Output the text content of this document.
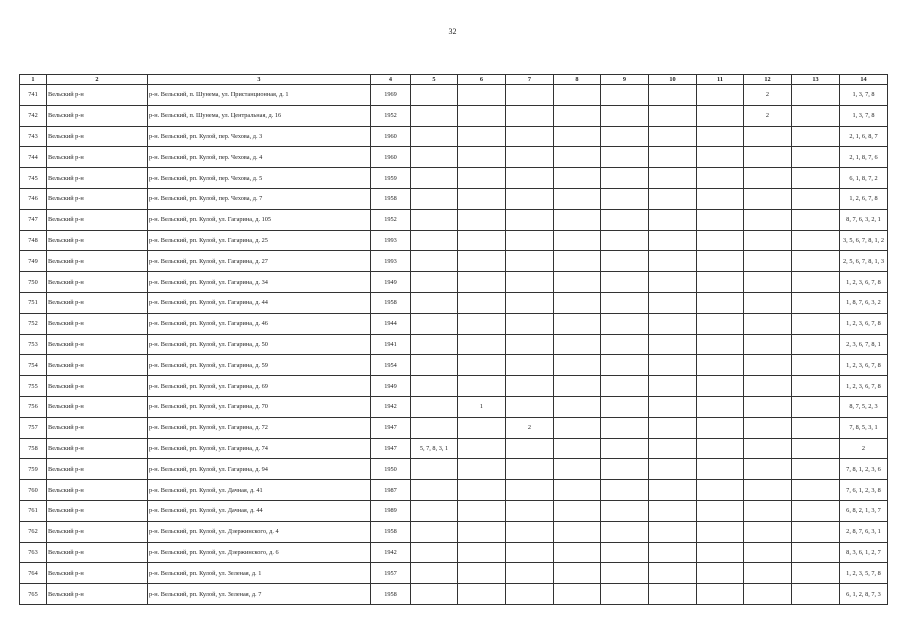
32
1	2	3	4	5	6	7	8	9	10	11	12	13	14
741	Вельский р-н	р-н. Вельский, п. Шунема, ул. Пристанционная, д. 1	1969								2		1, 3, 7, 8
742	Вельский р-н	р-н. Вельский, п. Шунема, ул. Центральная, д. 16	1952								2		1, 3, 7, 8
743	Вельский р-н	р-н. Вельский, рп. Кулой, пер. Чехова, д. 3	1960										2, 1, 6, 8, 7
744	Вельский р-н	р-н. Вельский, рп. Кулой, пер. Чехова, д. 4	1960										2, 1, 8, 7, 6
745	Вельский р-н	р-н. Вельский, рп. Кулой, пер. Чехова, д. 5	1959										6, 1, 8, 7, 2
746	Вельский р-н	р-н. Вельский, рп. Кулой, пер. Чехова, д. 7	1958										1, 2, 6, 7, 8
747	Вельский р-н	р-н. Вельский, рп. Кулой, ул. Гагарина, д. 105	1952										8, 7, 6, 3, 2, 1
748	Вельский р-н	р-н. Вельский, рп. Кулой, ул. Гагарина, д. 25	1993										3, 5, 6, 7, 8, 1, 2
749	Вельский р-н	р-н. Вельский, рп. Кулой, ул. Гагарина, д. 27	1993										2, 5, 6, 7, 8, 1, 3
750	Вельский р-н	р-н. Вельский, рп. Кулой, ул. Гагарина, д. 34	1949										1, 2, 3, 6, 7, 8
751	Вельский р-н	р-н. Вельский, рп. Кулой, ул. Гагарина, д. 44	1958										1, 8, 7, 6, 3, 2
752	Вельский р-н	р-н. Вельский, рп. Кулой, ул. Гагарина, д. 46	1944										1, 2, 3, 6, 7, 8
753	Вельский р-н	р-н. Вельский, рп. Кулой, ул. Гагарина, д. 50	1941										2, 3, 6, 7, 8, 1
754	Вельский р-н	р-н. Вельский, рп. Кулой, ул. Гагарина, д. 59	1954										1, 2, 3, 6, 7, 8
755	Вельский р-н	р-н. Вельский, рп. Кулой, ул. Гагарина, д. 69	1949										1, 2, 3, 6, 7, 8
756	Вельский р-н	р-н. Вельский, рп. Кулой, ул. Гагарина, д. 70	1942		1								8, 7, 5, 2, 3
757	Вельский р-н	р-н. Вельский, рп. Кулой, ул. Гагарина, д. 72	1947			2							7, 8, 5, 3, 1
758	Вельский р-н	р-н. Вельский, рп. Кулой, ул. Гагарина, д. 74	1947	5, 7, 8, 3, 1									2
759	Вельский р-н	р-н. Вельский, рп. Кулой, ул. Гагарина, д. 94	1950										7, 8, 1, 2, 3, 6
760	Вельский р-н	р-н. Вельский, рп. Кулой, ул. Дачная, д. 41	1987										7, 6, 1, 2, 3, 8
761	Вельский р-н	р-н. Вельский, рп. Кулой, ул. Дачная, д. 44	1989										6, 8, 2, 1, 3, 7
762	Вельский р-н	р-н. Вельский, рп. Кулой, ул. Дзержинского, д. 4	1958										2, 8, 7, 6, 3, 1
763	Вельский р-н	р-н. Вельский, рп. Кулой, ул. Дзержинского, д. 6	1942										8, 3, 6, 1, 2, 7
764	Вельский р-н	р-н. Вельский, рп. Кулой, ул. Зеленая, д. 1	1957										1, 2, 3, 5, 7, 8
765	Вельский р-н	р-н. Вельский, рп. Кулой, ул. Зеленая, д. 7	1958										6, 1, 2, 8, 7, 3
